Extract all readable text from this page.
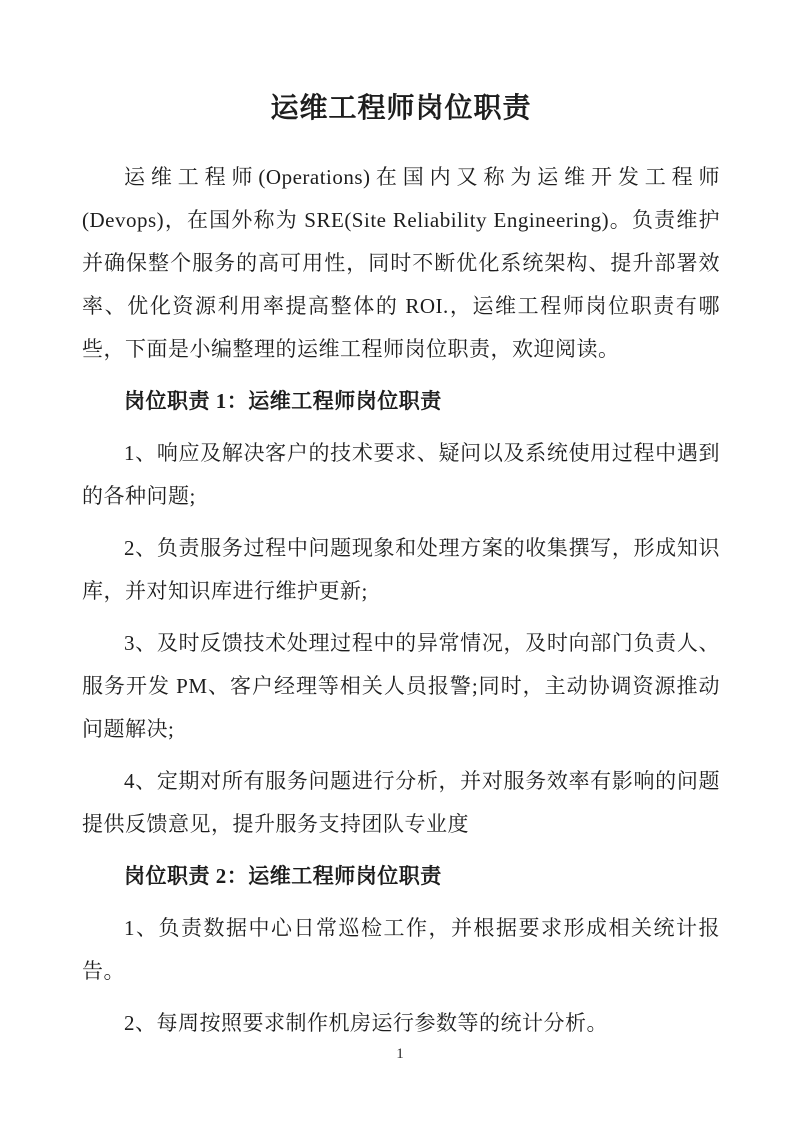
运维工程师岗位职责

运维工程师(Operations)在国内又称为运维开发工程师(Devops)，在国外称为 SRE(Site Reliability Engineering)。负责维护并确保整个服务的高可用性，同时不断优化系统架构、提升部署效率、优化资源利用率提高整体的 ROI.，运维工程师岗位职责有哪些，下面是小编整理的运维工程师岗位职责，欢迎阅读。

岗位职责 1：运维工程师岗位职责

1、响应及解决客户的技术要求、疑问以及系统使用过程中遇到的各种问题;

2、负责服务过程中问题现象和处理方案的收集撰写，形成知识库，并对知识库进行维护更新;

3、及时反馈技术处理过程中的异常情况，及时向部门负责人、服务开发 PM、客户经理等相关人员报警;同时，主动协调资源推动问题解决;

4、定期对所有服务问题进行分析，并对服务效率有影响的问题提供反馈意见，提升服务支持团队专业度

岗位职责 2：运维工程师岗位职责

1、负责数据中心日常巡检工作，并根据要求形成相关统计报告。

2、每周按照要求制作机房运行参数等的统计分析。

1
